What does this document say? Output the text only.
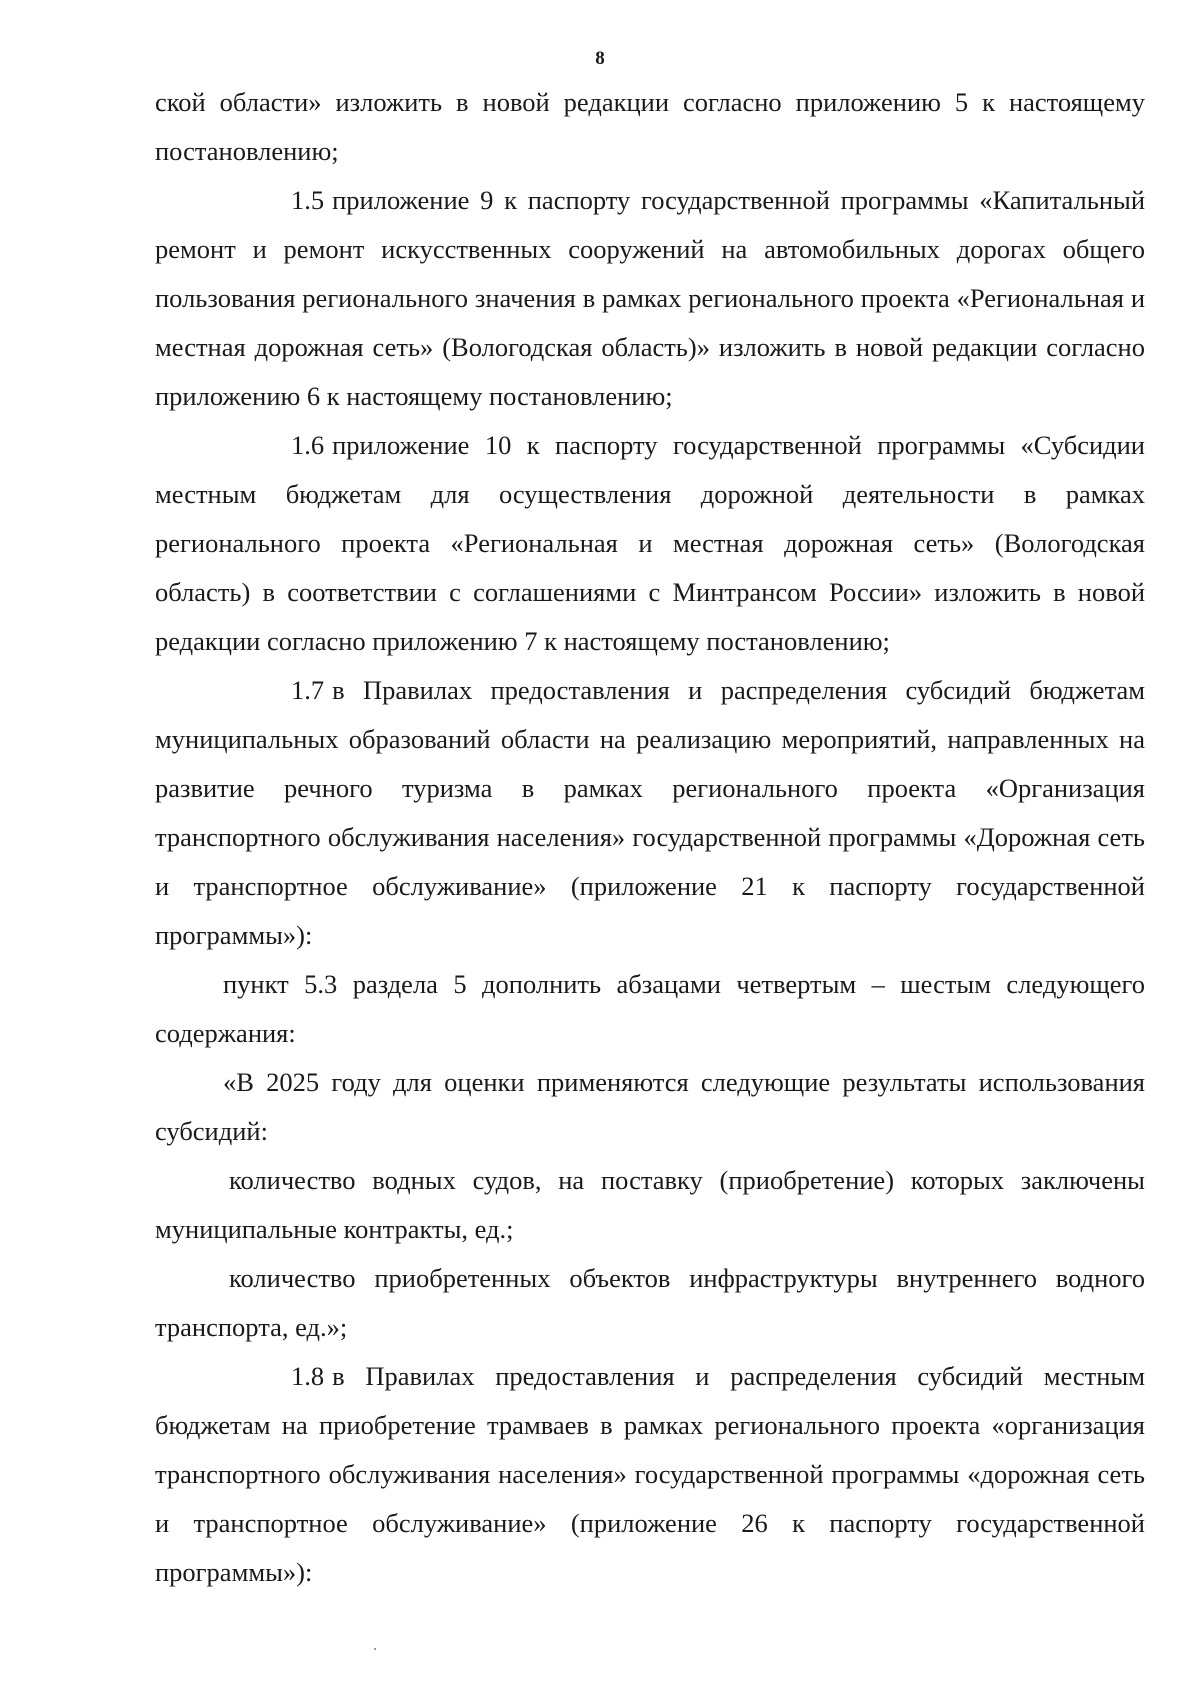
8

ской области» изложить в новой редакции согласно приложению 5 к настоящему постановлению;

1.5 приложение 9 к паспорту государственной программы «Капитальный ремонт и ремонт искусственных сооружений на автомобильных дорогах общего пользования регионального значения в рамках регионального проекта «Региональная и местная дорожная сеть» (Вологодская область)» изложить в новой редакции согласно приложению 6 к настоящему постановлению;

1.6 приложение 10 к паспорту государственной программы «Субсидии местным бюджетам для осуществления дорожной деятельности в рамках регионального проекта «Региональная и местная дорожная сеть» (Вологодская область) в соответствии с соглашениями с Минтрансом России» изложить в новой редакции согласно приложению 7 к настоящему постановлению;

1.7 в Правилах предоставления и распределения субсидий бюджетам муниципальных образований области на реализацию мероприятий, направленных на развитие речного туризма в рамках регионального проекта «Организация транспортного обслуживания населения» государственной программы «Дорожная сеть и транспортное обслуживание» (приложение 21 к паспорту государственной программы»):

пункт 5.3 раздела 5 дополнить абзацами четвертым – шестым следующего содержания:

«В 2025 году для оценки применяются следующие результаты использования субсидий:

количество водных судов, на поставку (приобретение) которых заключены муниципальные контракты, ед.;

количество приобретенных объектов инфраструктуры внутреннего водного транспорта, ед.»;

1.8 в Правилах предоставления и распределения субсидий местным бюджетам на приобретение трамваев в рамках регионального проекта «организация транспортного обслуживания населения» государственной программы «дорожная сеть и транспортное обслуживание» (приложение 26 к паспорту государственной программы»):
